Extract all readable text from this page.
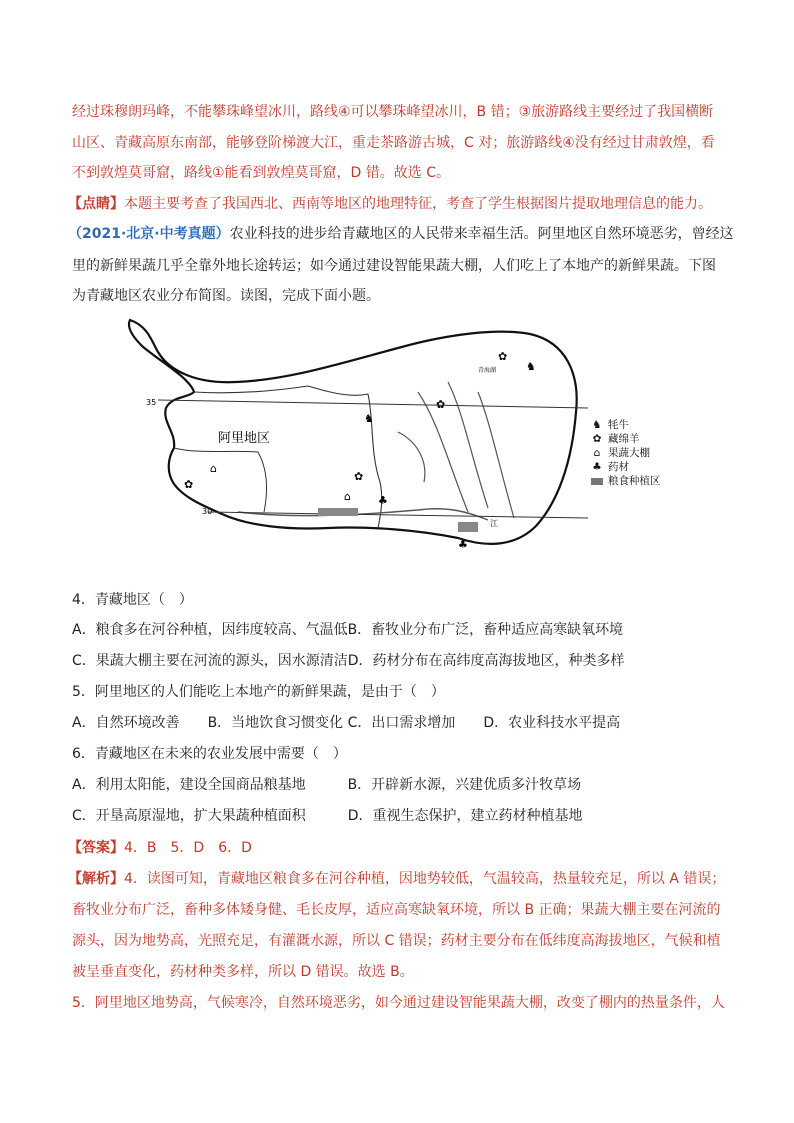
经过珠穆朗玛峰，不能攀珠峰望冰川，路线④可以攀珠峰望冰川，B 错；③旅游路线主要经过了我国横断
山区、青藏高原东南部，能够登阶梯渡大江，重走茶路游古城，C 对；旅游路线④没有经过甘肃敦煌，看
不到敦煌莫哥窟，路线①能看到敦煌莫哥窟，D 错。故选 C。
【点睛】本题主要考查了我国西北、西南等地区的地理特征，考查了学生根据图片提取地理信息的能力。
（2021·北京·中考真题）农业科技的进步给青藏地区的人民带来幸福生活。阿里地区自然环境恶劣，曾经这
里的新鲜果蔬几乎全靠外地长途转运；如今通过建设智能果蔬大棚，人们吃上了本地产的新鲜果蔬。下图
为青藏地区农业分布简图。读图，完成下面小题。
35
30
阿里地区
✿
♞
✿
♞
✿
⌂
✿
♣
⌂
♣
青海湖
江
♞ 牦牛
✿ 藏绵羊
⌂ 果蔬大棚
♣ 药材
粮食种植区
4．青藏地区（　）
A．粮食多在河谷种植，因纬度较高、气温低B．畜牧业分布广泛，畜种适应高寒缺氧环境
C．果蔬大棚主要在河流的源头，因水源清洁D．药材分布在高纬度高海拔地区，种类多样
5．阿里地区的人们能吃上本地产的新鲜果蔬，是由于（　）
A．自然环境改善　　B．当地饮食习惯变化 C．出口需求增加　　D．农业科技水平提高
6．青藏地区在未来的农业发展中需要（　）
A．利用太阳能，建设全国商品粮基地　　　B．开辟新水源，兴建优质多汁牧草场
C．开垦高原湿地，扩大果蔬种植面积　　　D．重视生态保护，建立药材种植基地
【答案】4．B　5．D　6．D
【解析】4．读图可知，青藏地区粮食多在河谷种植，因地势较低，气温较高，热量较充足，所以 A 错误；
畜牧业分布广泛，畜种多体矮身健、毛长皮厚，适应高寒缺氧环境，所以 B 正确；果蔬大棚主要在河流的
源头，因为地势高，光照充足，有灌溉水源，所以 C 错误；药材主要分布在低纬度高海拔地区，气候和植
被呈垂直变化，药材种类多样，所以 D 错误。故选 B。
5．阿里地区地势高，气候寒冷，自然环境恶劣，如今通过建设智能果蔬大棚，改变了棚内的热量条件，人
